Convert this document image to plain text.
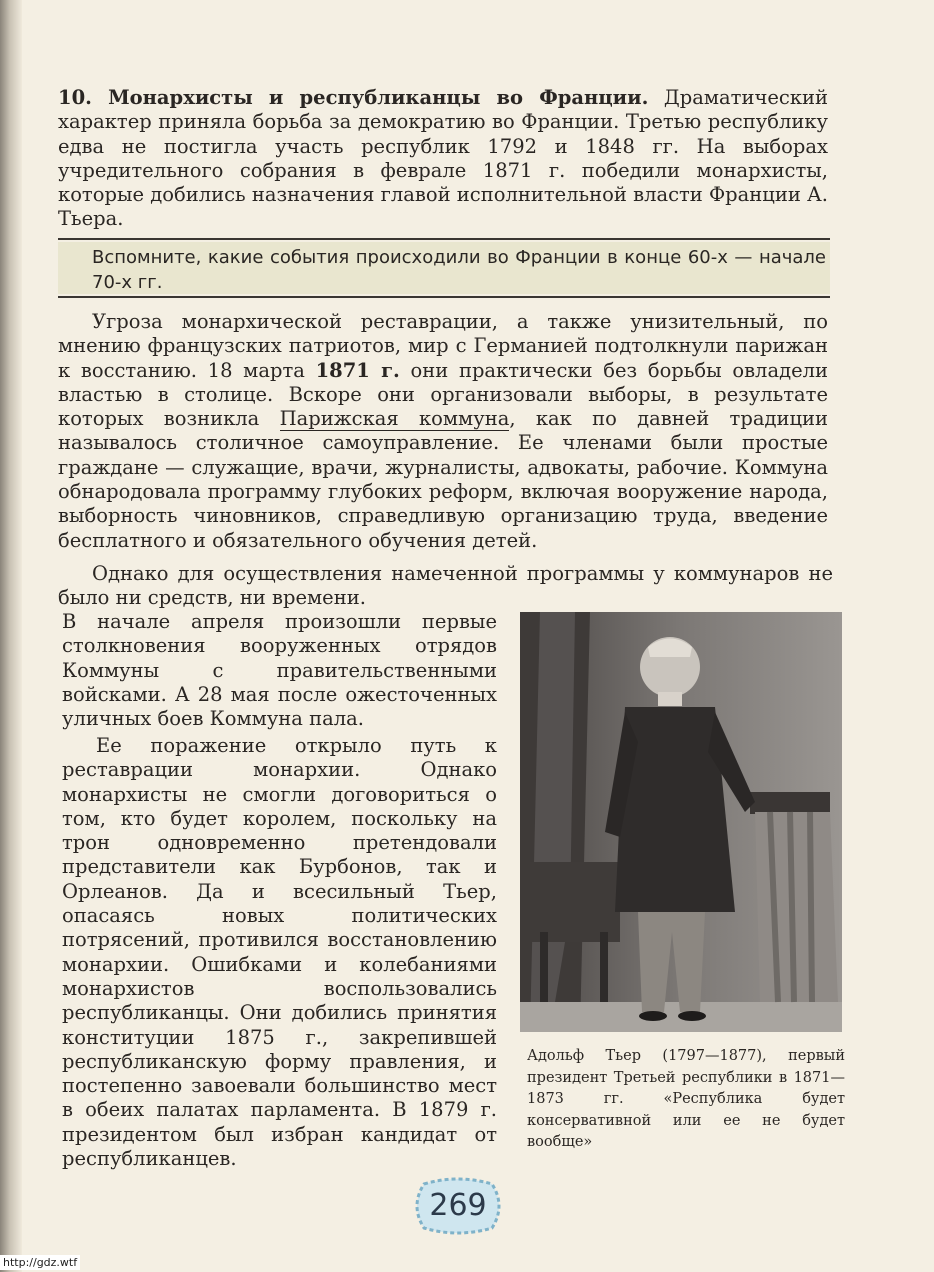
10. Монархисты и республиканцы во Франции. Драматический характер приняла борьба за демократию во Франции. Третью республику едва не постигла участь республик 1792 и 1848 гг. На выборах учредительного собрания в феврале 1871 г. победили монархисты, которые добились назначения главой исполнительной власти Франции А. Тьера.

Вспомните, какие события происходили во Франции в конце 60-х — начале 70-х гг.

Угроза монархической реставрации, а также унизительный, по мнению французских патриотов, мир с Германией подтолкнули парижан к восстанию. 18 марта 1871 г. они практически без борьбы овладели властью в столице. Вскоре они организовали выборы, в результате которых возникла Парижская коммуна, как по давней традиции называлось столичное самоуправление. Ее членами были простые граждане — служащие, врачи, журналисты, адвокаты, рабочие. Коммуна обнародовала программу глубоких реформ, включая вооружение народа, выборность чиновников, справедливую организацию труда, введение бесплатного и обязательного обучения детей.

Однако для осуществления намеченной программы у коммунаров не было ни средств, ни времени.

В начале апреля произошли первые столкновения вооруженных отрядов Коммуны с правительственными войсками. А 28 мая после ожесточенных уличных боев Коммуна пала.

Ее поражение открыло путь к реставрации монархии. Однако монархисты не смогли договориться о том, кто будет королем, поскольку на трон одновременно претендовали представители как Бурбонов, так и Орлеанов. Да и всесильный Тьер, опасаясь новых политических потрясений, противился восстановлению монархии. Ошибками и колебаниями монархистов воспользовались республиканцы. Они добились принятия конституции 1875 г., закрепившей республиканскую форму правления, и постепенно завоевали большинство мест в обеих палатах парламента. В 1879 г. президентом был избран кандидат от республиканцев.

Адольф Тьер (1797—1877), первый президент Третьей республики в 1871—1873 гг. «Республика будет консервативной или ее не будет вообще»

269
http://gdz.wtf
